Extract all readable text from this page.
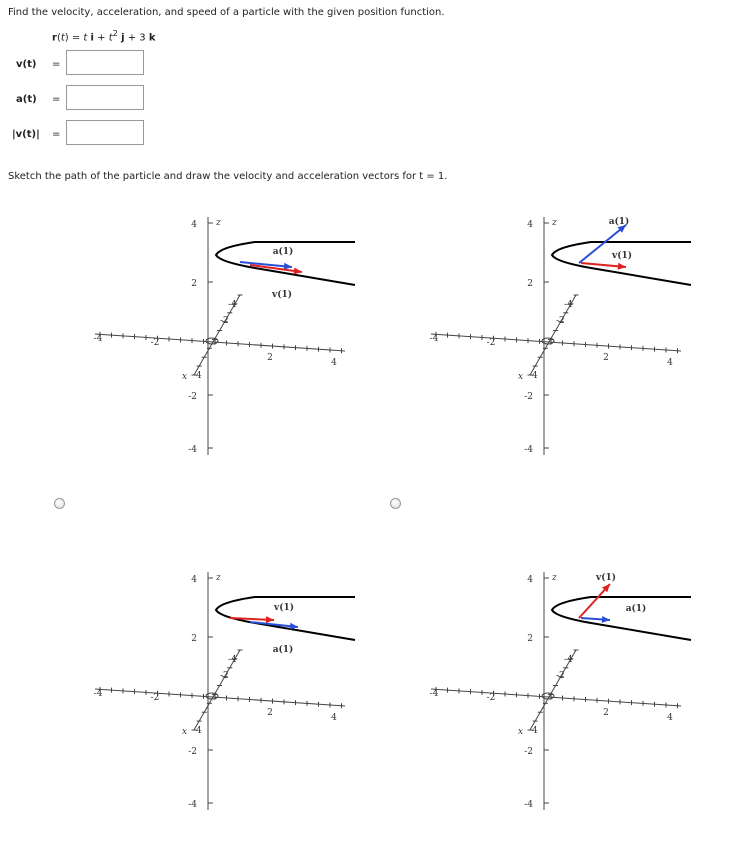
Find the velocity, acceleration, and speed of a particle with the given position function.
r(t) = t $i + t^2$ j + 3 k
v(t) =
a(t) =
|v(t)| =
Sketch the path of the particle and draw the velocity and acceleration vectors for t = 1.
4
2
-2
-4
z
-4	-2
2	4
-4
-2
x 4
a(1)
v(1)
4
2
-2
-4
z
-4	-2
2	4
-4
-2
x 4
a(1)
v(1)
4
2
-2
-4
z
-4	-2
2	4
-4
-2
x 4
v(1)
a(1)
4
2
-2
-4
z
-4	-2
2	4
-4
-2
x 4
v(1)
a(1)
